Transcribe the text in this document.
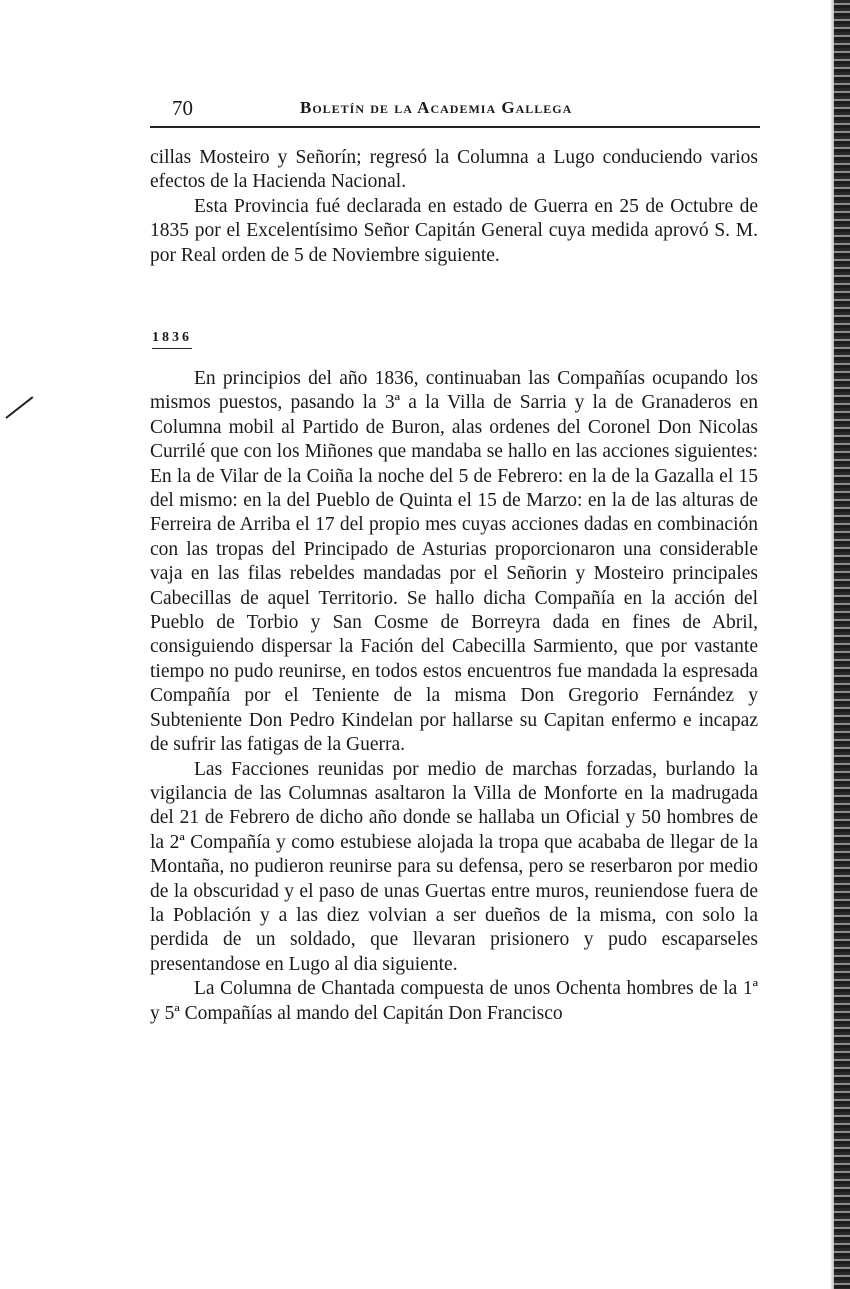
70	Boletín de la Academia Gallega

cillas Mosteiro y Señorín; regresó la Columna a Lugo conduciendo varios efectos de la Hacienda Nacional.

Esta Provincia fué declarada en estado de Guerra en 25 de Octubre de 1835 por el Excelentísimo Señor Capitán General cuya medida aprovó S. M. por Real orden de 5 de Noviembre siguiente.

1836

En principios del año 1836, continuaban las Compañías ocupando los mismos puestos, pasando la 3ª a la Villa de Sarria y la de Granaderos en Columna mobil al Partido de Buron, alas ordenes del Coronel Don Nicolas Currilé que con los Miñones que mandaba se hallo en las acciones siguientes: En la de Vilar de la Coiña la noche del 5 de Febrero: en la de la Gazalla el 15 del mismo: en la del Pueblo de Quinta el 15 de Marzo: en la de las alturas de Ferreira de Arriba el 17 del propio mes cuyas acciones dadas en combinación con las tropas del Principado de Asturias proporcionaron una considerable vaja en las filas rebeldes mandadas por el Señorin y Mosteiro principales Cabecillas de aquel Territorio. Se hallo dicha Compañía en la acción del Pueblo de Torbio y San Cosme de Borreyra dada en fines de Abril, consiguiendo dispersar la Fación del Cabecilla Sarmiento, que por vastante tiempo no pudo reunirse, en todos estos encuentros fue mandada la espresada Compañía por el Teniente de la misma Don Gregorio Fernández y Subteniente Don Pedro Kindelan por hallarse su Capitan enfermo e incapaz de sufrir las fatigas de la Guerra.

Las Facciones reunidas por medio de marchas forzadas, burlando la vigilancia de las Columnas asaltaron la Villa de Monforte en la madrugada del 21 de Febrero de dicho año donde se hallaba un Oficial y 50 hombres de la 2ª Compañía y como estubiese alojada la tropa que acababa de llegar de la Montaña, no pudieron reunirse para su defensa, pero se reserbaron por medio de la obscuridad y el paso de unas Guertas entre muros, reuniendose fuera de la Población y a las diez volvian a ser dueños de la misma, con solo la perdida de un soldado, que llevaran prisionero y pudo escaparseles presentandose en Lugo al dia siguiente.

La Columna de Chantada compuesta de unos Ochenta hombres de la 1ª y 5ª Compañías al mando del Capitán Don Francisco
